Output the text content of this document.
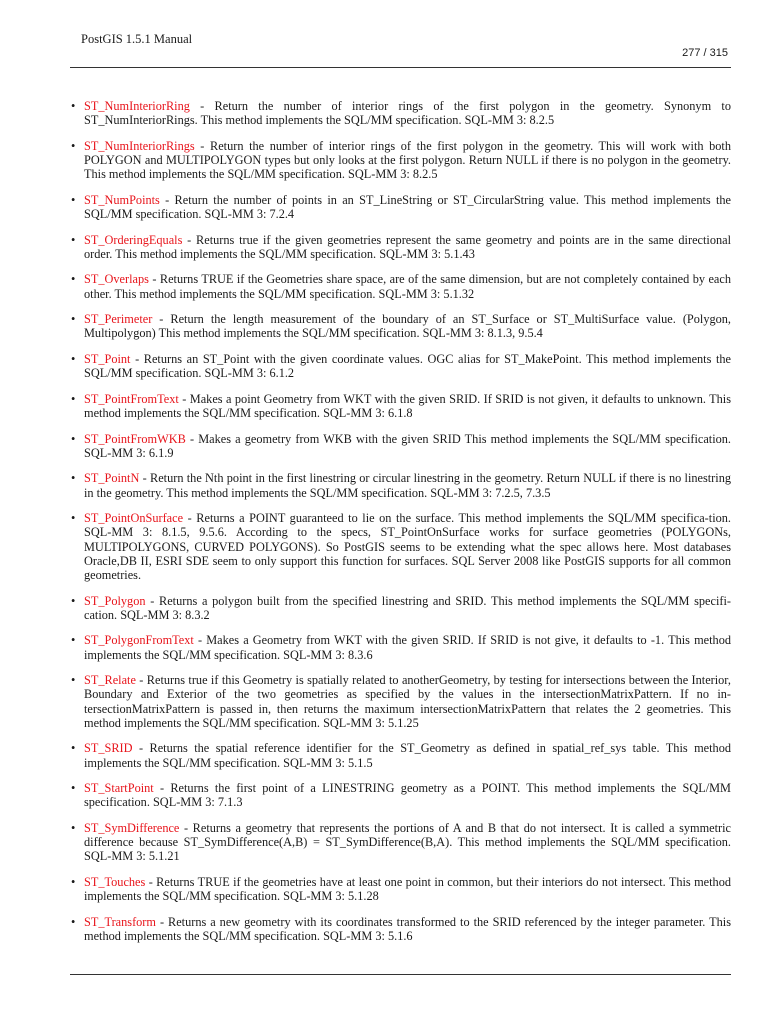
PostGIS 1.5.1 Manual
277 / 315
• ST_NumInteriorRing - Return the number of interior rings of the first polygon in the geometry. Synonym to ST_NumInteriorRings. This method implements the SQL/MM specification. SQL-MM 3: 8.2.5
• ST_NumInteriorRings - Return the number of interior rings of the first polygon in the geometry. This will work with both POLYGON and MULTIPOLYGON types but only looks at the first polygon. Return NULL if there is no polygon in the geometry. This method implements the SQL/MM specification. SQL-MM 3: 8.2.5
• ST_NumPoints - Return the number of points in an ST_LineString or ST_CircularString value. This method implements the SQL/MM specification. SQL-MM 3: 7.2.4
• ST_OrderingEquals - Returns true if the given geometries represent the same geometry and points are in the same directional order. This method implements the SQL/MM specification. SQL-MM 3: 5.1.43
• ST_Overlaps - Returns TRUE if the Geometries share space, are of the same dimension, but are not completely contained by each other. This method implements the SQL/MM specification. SQL-MM 3: 5.1.32
• ST_Perimeter - Return the length measurement of the boundary of an ST_Surface or ST_MultiSurface value. (Polygon, Multipolygon) This method implements the SQL/MM specification. SQL-MM 3: 8.1.3, 9.5.4
• ST_Point - Returns an ST_Point with the given coordinate values. OGC alias for ST_MakePoint. This method implements the SQL/MM specification. SQL-MM 3: 6.1.2
• ST_PointFromText - Makes a point Geometry from WKT with the given SRID. If SRID is not given, it defaults to unknown. This method implements the SQL/MM specification. SQL-MM 3: 6.1.8
• ST_PointFromWKB - Makes a geometry from WKB with the given SRID This method implements the SQL/MM specification. SQL-MM 3: 6.1.9
• ST_PointN - Return the Nth point in the first linestring or circular linestring in the geometry. Return NULL if there is no linestring in the geometry. This method implements the SQL/MM specification. SQL-MM 3: 7.2.5, 7.3.5
• ST_PointOnSurface - Returns a POINT guaranteed to lie on the surface. This method implements the SQL/MM specifica-tion. SQL-MM 3: 8.1.5, 9.5.6. According to the specs, ST_PointOnSurface works for surface geometries (POLYGONs, MULTIPOLYGONS, CURVED POLYGONS). So PostGIS seems to be extending what the spec allows here. Most databases Oracle,DB II, ESRI SDE seem to only support this function for surfaces. SQL Server 2008 like PostGIS supports for all common geometries.
• ST_Polygon - Returns a polygon built from the specified linestring and SRID. This method implements the SQL/MM specifi-cation. SQL-MM 3: 8.3.2
• ST_PolygonFromText - Makes a Geometry from WKT with the given SRID. If SRID is not give, it defaults to -1. This method implements the SQL/MM specification. SQL-MM 3: 8.3.6
• ST_Relate - Returns true if this Geometry is spatially related to anotherGeometry, by testing for intersections between the Interior, Boundary and Exterior of the two geometries as specified by the values in the intersectionMatrixPattern. If no in-tersectionMatrixPattern is passed in, then returns the maximum intersectionMatrixPattern that relates the 2 geometries. This method implements the SQL/MM specification. SQL-MM 3: 5.1.25
• ST_SRID - Returns the spatial reference identifier for the ST_Geometry as defined in spatial_ref_sys table. This method implements the SQL/MM specification. SQL-MM 3: 5.1.5
• ST_StartPoint - Returns the first point of a LINESTRING geometry as a POINT. This method implements the SQL/MM specification. SQL-MM 3: 7.1.3
• ST_SymDifference - Returns a geometry that represents the portions of A and B that do not intersect. It is called a symmetric difference because ST_SymDifference(A,B) = ST_SymDifference(B,A). This method implements the SQL/MM specification. SQL-MM 3: 5.1.21
• ST_Touches - Returns TRUE if the geometries have at least one point in common, but their interiors do not intersect. This method implements the SQL/MM specification. SQL-MM 3: 5.1.28
• ST_Transform - Returns a new geometry with its coordinates transformed to the SRID referenced by the integer parameter. This method implements the SQL/MM specification. SQL-MM 3: 5.1.6
